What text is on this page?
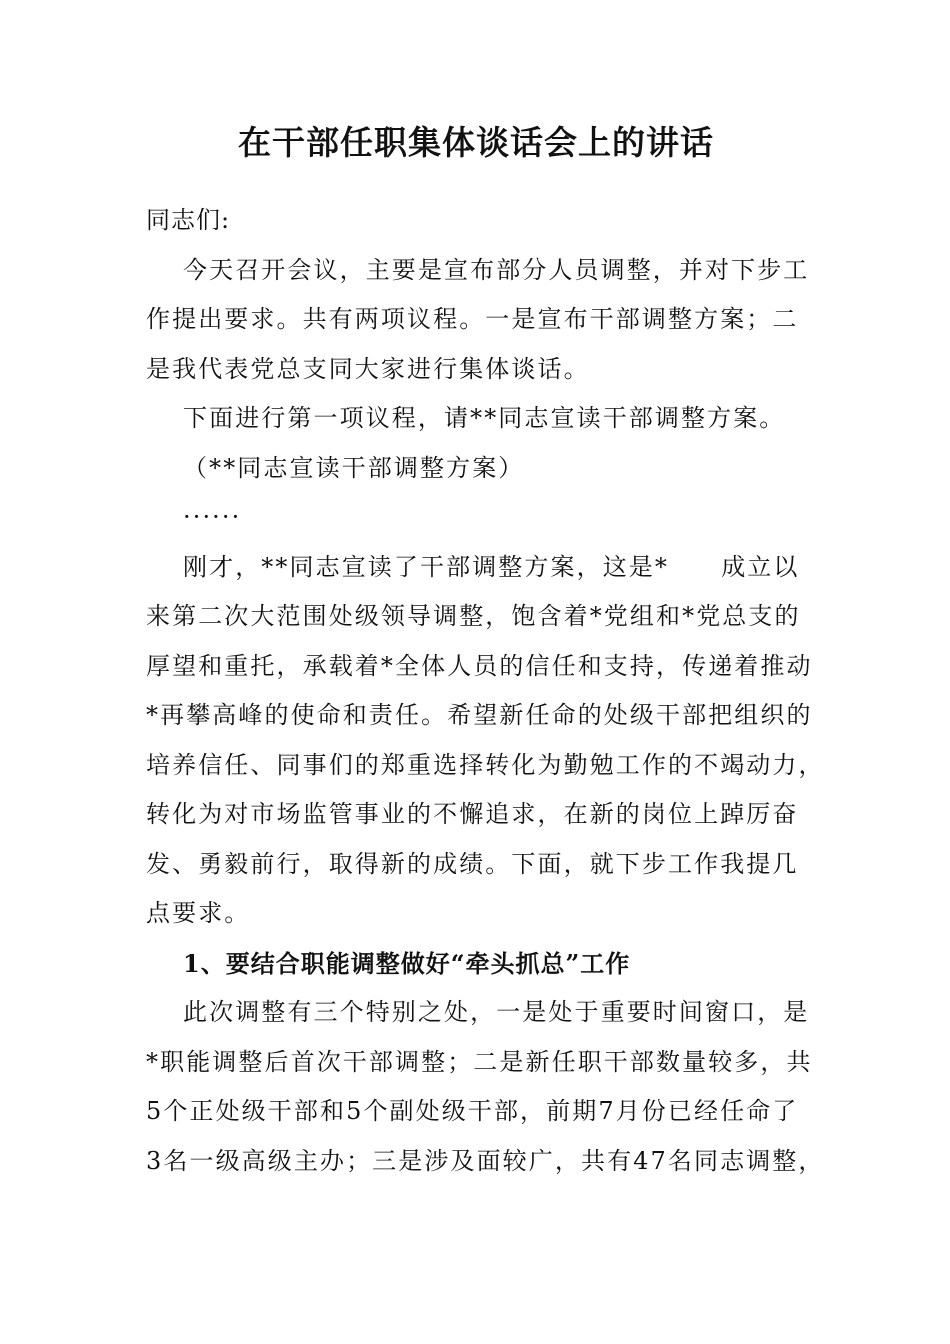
在干部任职集体谈话会上的讲话
同志们:
今天召开会议，主要是宣布部分人员调整，并对下步工
作提出要求。共有两项议程。一是宣布干部调整方案；二
是我代表党总支同大家进行集体谈话。
下面进行第一项议程，请**同志宣读干部调整方案。
（**同志宣读干部调整方案）
······
刚才，**同志宣读了干部调整方案，这是*　　成立以
来第二次大范围处级领导调整，饱含着*党组和*党总支的
厚望和重托，承载着*全体人员的信任和支持，传递着推动
*再攀高峰的使命和责任。希望新任命的处级干部把组织的
培养信任、同事们的郑重选择转化为勤勉工作的不竭动力，
转化为对市场监管事业的不懈追求，在新的岗位上踔厉奋
发、勇毅前行，取得新的成绩。下面，就下步工作我提几
点要求。
1、要结合职能调整做好“牵头抓总”工作
此次调整有三个特别之处，一是处于重要时间窗口，是
*职能调整后首次干部调整；二是新任职干部数量较多，共
5个正处级干部和5个副处级干部，前期7月份已经任命了
3名一级高级主办；三是涉及面较广，共有47名同志调整，
